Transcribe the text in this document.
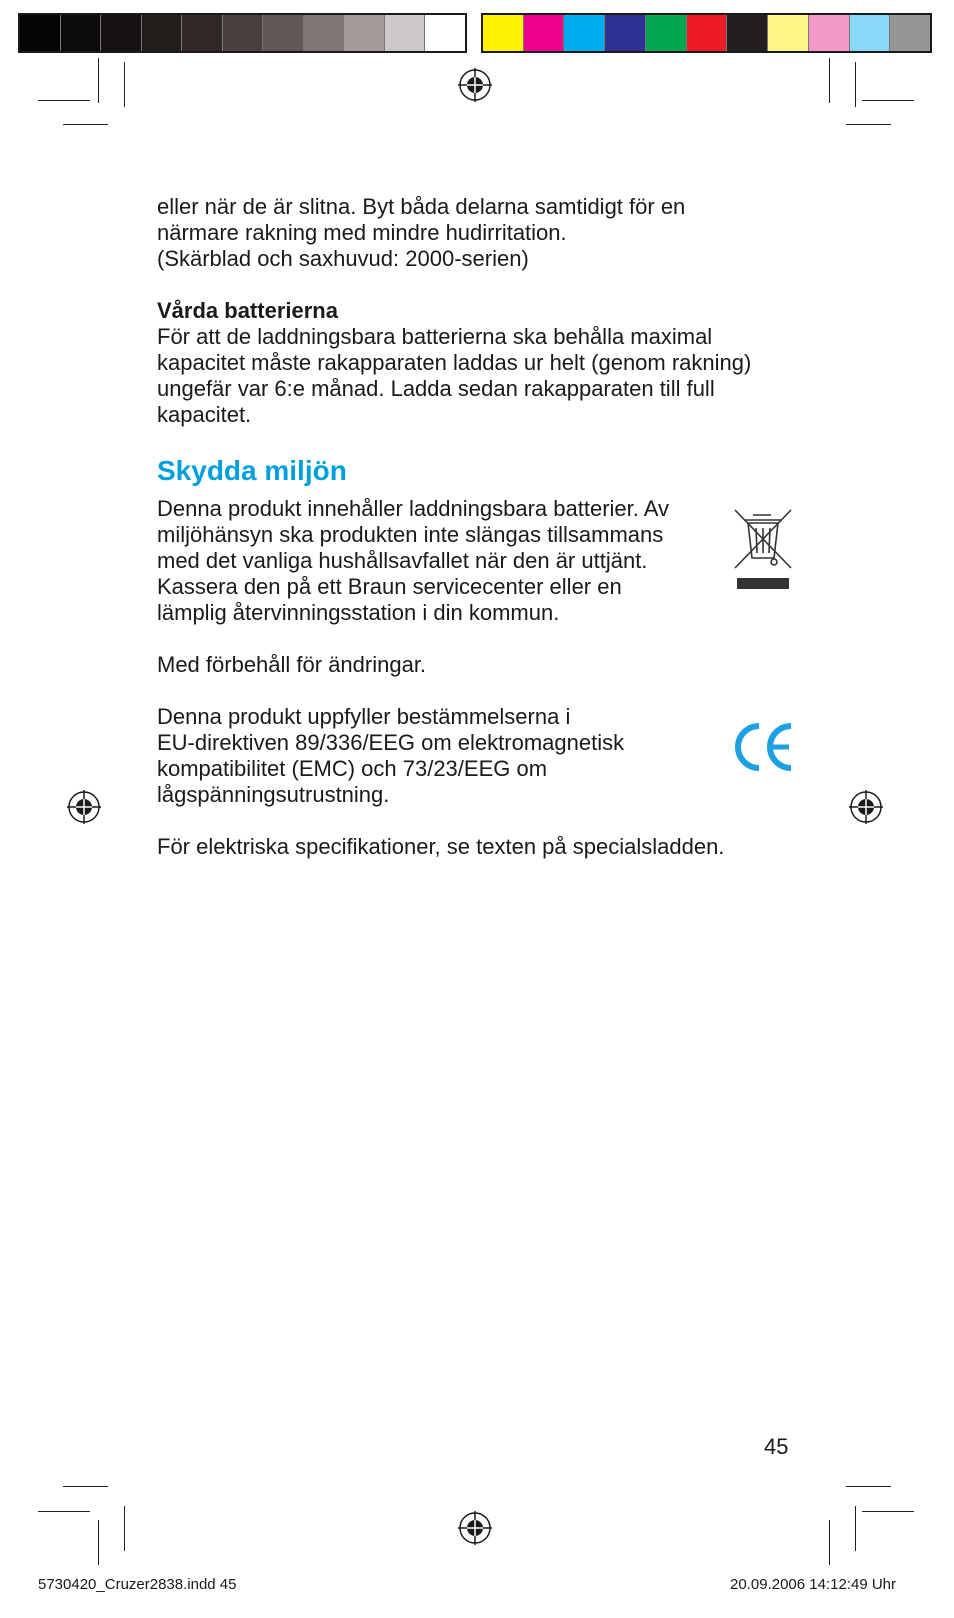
eller när de är slitna. Byt båda delarna samtidigt för en
närmare rakning med mindre hudirritation.
(Skärblad och saxhuvud: 2000-serien)

Vårda batterierna

För att de laddningsbara batterierna ska behålla maximal
kapacitet måste rakapparaten laddas ur helt (genom rakning)
ungefär var 6:e månad. Ladda sedan rakapparaten till full
kapacitet.

Skydda miljön

Denna produkt innehåller laddningsbara batterier. Av
miljöhänsyn ska produkten inte slängas tillsammans
med det vanliga hushållsavfallet när den är uttjänt.
Kassera den på ett Braun servicecenter eller en
lämplig återvinningsstation i din kommun.

Med förbehåll för ändringar.

Denna produkt uppfyller bestämmelserna i
EU-direktiven 89/336/EEG om elektromagnetisk
kompatibilitet (EMC) och 73/23/EEG om
lågspänningsutrustning.

För elektriska specifikationer, se texten på specialsladden.

45
5730420_Cruzer2838.indd 45	20.09.2006 14:12:49 Uhr
